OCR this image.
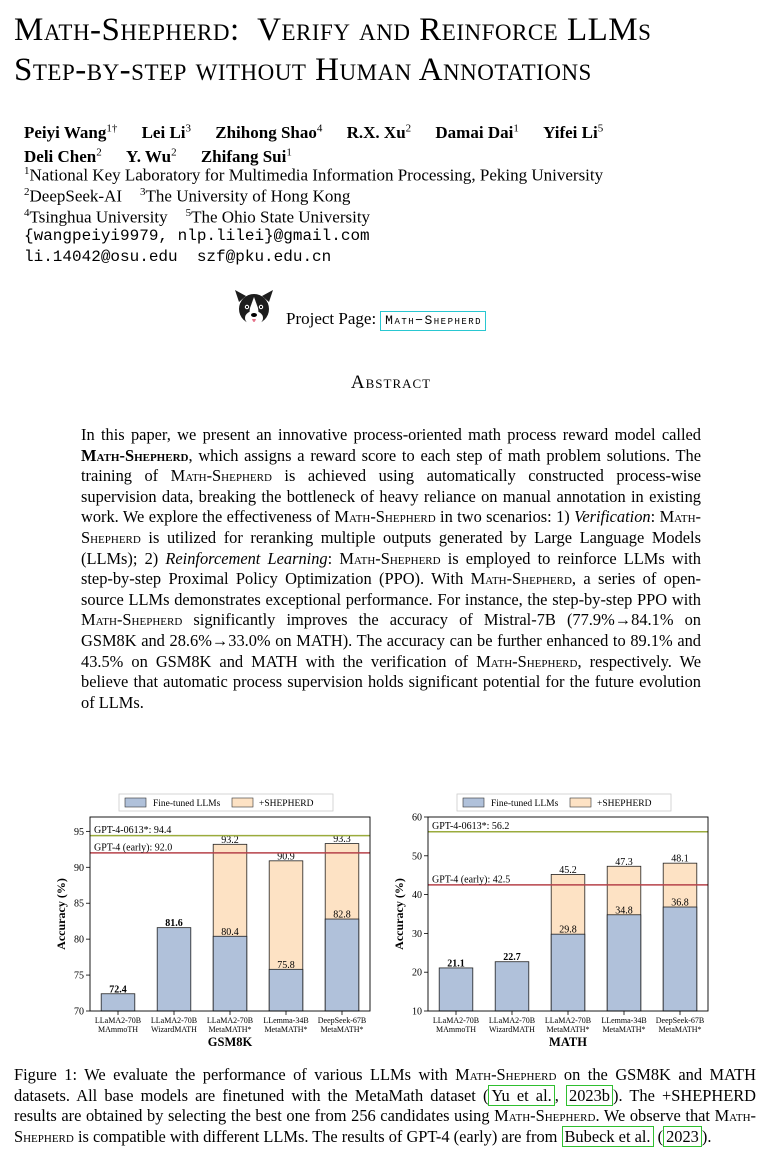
Math-Shepherd: Verify and Reinforce LLMs
Step-by-step without Human Annotations
Peiyi Wang$^{1\dagger}$ Lei Li$^3$ Zhihong Shao$^4$ R.X. Xu$^2$ Damai Dai$^1$ Yifei Li$^5$
Deli Chen$^2$ Y. Wu$^2$ Zhifang Sui$^1$
$^1$National Key Laboratory for Multimedia Information Processing, Peking University
$^2$DeepSeek-AI $^3$The University of Hong Kong
$^4$Tsinghua University $^5$The Ohio State University
{wangpeiyi9979, nlp.lilei}@gmail.com
li.14042@osu.edu  szf@pku.edu.cn
Project Page: Math−Shepherd
Abstract

In this paper, we present an innovative process-oriented math process reward model called Math-Shepherd, which assigns a reward score to each step of math problem solutions. The training of Math-Shepherd is achieved using automatically constructed process-wise supervision data, breaking the bottleneck of heavy reliance on manual annotation in existing work. We explore the effectiveness of Math-Shepherd in two scenarios: 1) Verification: Math-Shepherd is utilized for reranking multiple outputs generated by Large Language Models (LLMs); 2) Reinforcement Learning: Math-Shepherd is employed to reinforce LLMs with step-by-step Proximal Policy Optimization (PPO). With Math-Shepherd, a series of open-source LLMs demonstrates exceptional performance. For instance, the step-by-step PPO with Math-Shepherd significantly improves the accuracy of Mistral-7B (77.9%→84.1% on GSM8K and 28.6%→33.0% on MATH). The accuracy can be further enhanced to 89.1% and 43.5% on GSM8K and MATH with the verification of Math-Shepherd, respectively. We believe that automatic process supervision holds significant potential for the future evolution of LLMs.

Fine-tuned LLMs	+SHEPHERD
70
75
80
85
90
95
Accuracy (%)
72.4
LLaMA2-70B
MAmmoTH
81.6
LLaMA2-70B
WizardMATH
93.2
80.4
LLaMA2-70B
MetaMATH*
90.9
75.8
LLemma-34B
MetaMATH*
93.3
82.8
DeepSeek-67B
MetaMATH*
GPT-4-0613*: 94.4
GPT-4 (early): 92.0
GSM8K
Fine-tuned LLMs	+SHEPHERD
10
20
30
40
50
60
Accuracy (%)
21.1
LLaMA2-70B
MAmmoTH
22.7
LLaMA2-70B
WizardMATH
45.2
29.8
LLaMA2-70B
MetaMATH*
47.3
34.8
LLemma-34B
MetaMATH*
48.1
36.8
DeepSeek-67B
MetaMATH*
GPT-4-0613*: 56.2
GPT-4 (early): 42.5
MATH

Figure 1: We evaluate the performance of various LLMs with Math-Shepherd on the GSM8K and MATH datasets. All base models are finetuned with the MetaMath dataset ( Yu et al. , 2023b ). The +SHEPHERD results are obtained by selecting the best one from 256 candidates using Math-Shepherd. We observe that Math-Shepherd is compatible with different LLMs. The results of GPT-4 (early) are from Bubeck et al. ( 2023 ).
